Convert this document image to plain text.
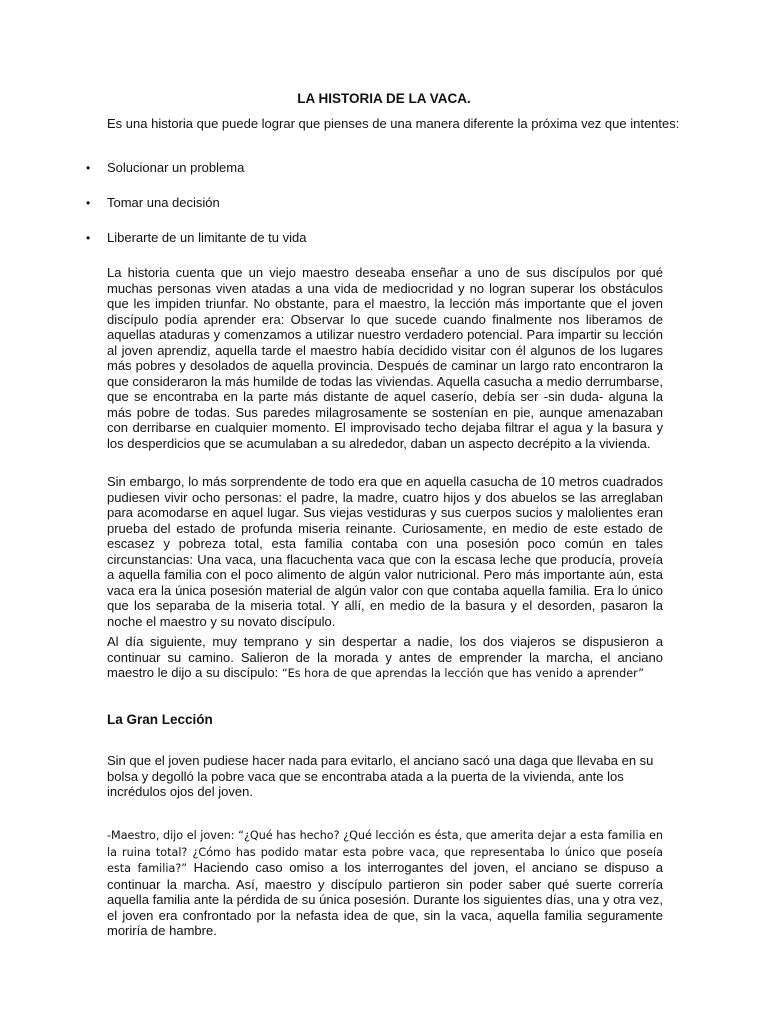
LA HISTORIA DE LA VACA.
Es una historia que puede lograr que pienses de una manera diferente la próxima vez que intentes:
• Solucionar un problema
• Tomar una decisión
• Liberarte de un limitante de tu vida
La historia cuenta que un viejo maestro deseaba enseñar a uno de sus discípulos por qué muchas personas viven atadas a una vida de mediocridad y no logran superar los obstáculos que les impiden triunfar. No obstante, para el maestro, la lección más importante que el joven discípulo podía aprender era: Observar lo que sucede cuando finalmente nos liberamos de aquellas ataduras y comenzamos a utilizar nuestro verdadero potencial. Para impartir su lección al joven aprendiz, aquella tarde el maestro había decidido visitar con él algunos de los lugares más pobres y desolados de aquella provincia. Después de caminar un largo rato encontraron la que consideraron la más humilde de todas las viviendas. Aquella casucha a medio derrumbarse, que se encontraba en la parte más distante de aquel caserío, debía ser -sin duda- alguna la más pobre de todas. Sus paredes milagrosamente se sostenían en pie, aunque amenazaban con derribarse en cualquier momento. El improvisado techo dejaba filtrar el agua y la basura y los desperdicios que se acumulaban a su alrededor, daban un aspecto decrépito a la vivienda.
Sin embargo, lo más sorprendente de todo era que en aquella casucha de 10 metros cuadrados pudiesen vivir ocho personas: el padre, la madre, cuatro hijos y dos abuelos se las arreglaban para acomodarse en aquel lugar. Sus viejas vestiduras y sus cuerpos sucios y malolientes eran prueba del estado de profunda miseria reinante. Curiosamente, en medio de este estado de escasez y pobreza total, esta familia contaba con una posesión poco común en tales circunstancias: Una vaca, una flacuchenta vaca que con la escasa leche que producía, proveía a aquella familia con el poco alimento de algún valor nutricional. Pero más importante aún, esta vaca era la única posesión material de algún valor con que contaba aquella familia. Era lo único que los separaba de la miseria total. Y allí, en medio de la basura y el desorden, pasaron la noche el maestro y su novato discípulo.
Al día siguiente, muy temprano y sin despertar a nadie, los dos viajeros se dispusieron a continuar su camino. Salieron de la morada y antes de emprender la marcha, el anciano maestro le dijo a su discípulo: “Es hora de que aprendas la lección que has venido a aprender”
La Gran Lección
Sin que el joven pudiese hacer nada para evitarlo, el anciano sacó una daga que llevaba en su bolsa y degolló la pobre vaca que se encontraba atada a la puerta de la vivienda, ante los incrédulos ojos del joven.
-Maestro, dijo el joven: “¿Qué has hecho? ¿Qué lección es ésta, que amerita dejar a esta familia en la ruina total? ¿Cómo has podido matar esta pobre vaca, que representaba lo único que poseía esta familia?” Haciendo caso omiso a los interrogantes del joven, el anciano se dispuso a continuar la marcha. Así, maestro y discípulo partieron sin poder saber qué suerte correría aquella familia ante la pérdida de su única posesión. Durante los siguientes días, una y otra vez, el joven era confrontado por la nefasta idea de que, sin la vaca, aquella familia seguramente moriría de hambre.
